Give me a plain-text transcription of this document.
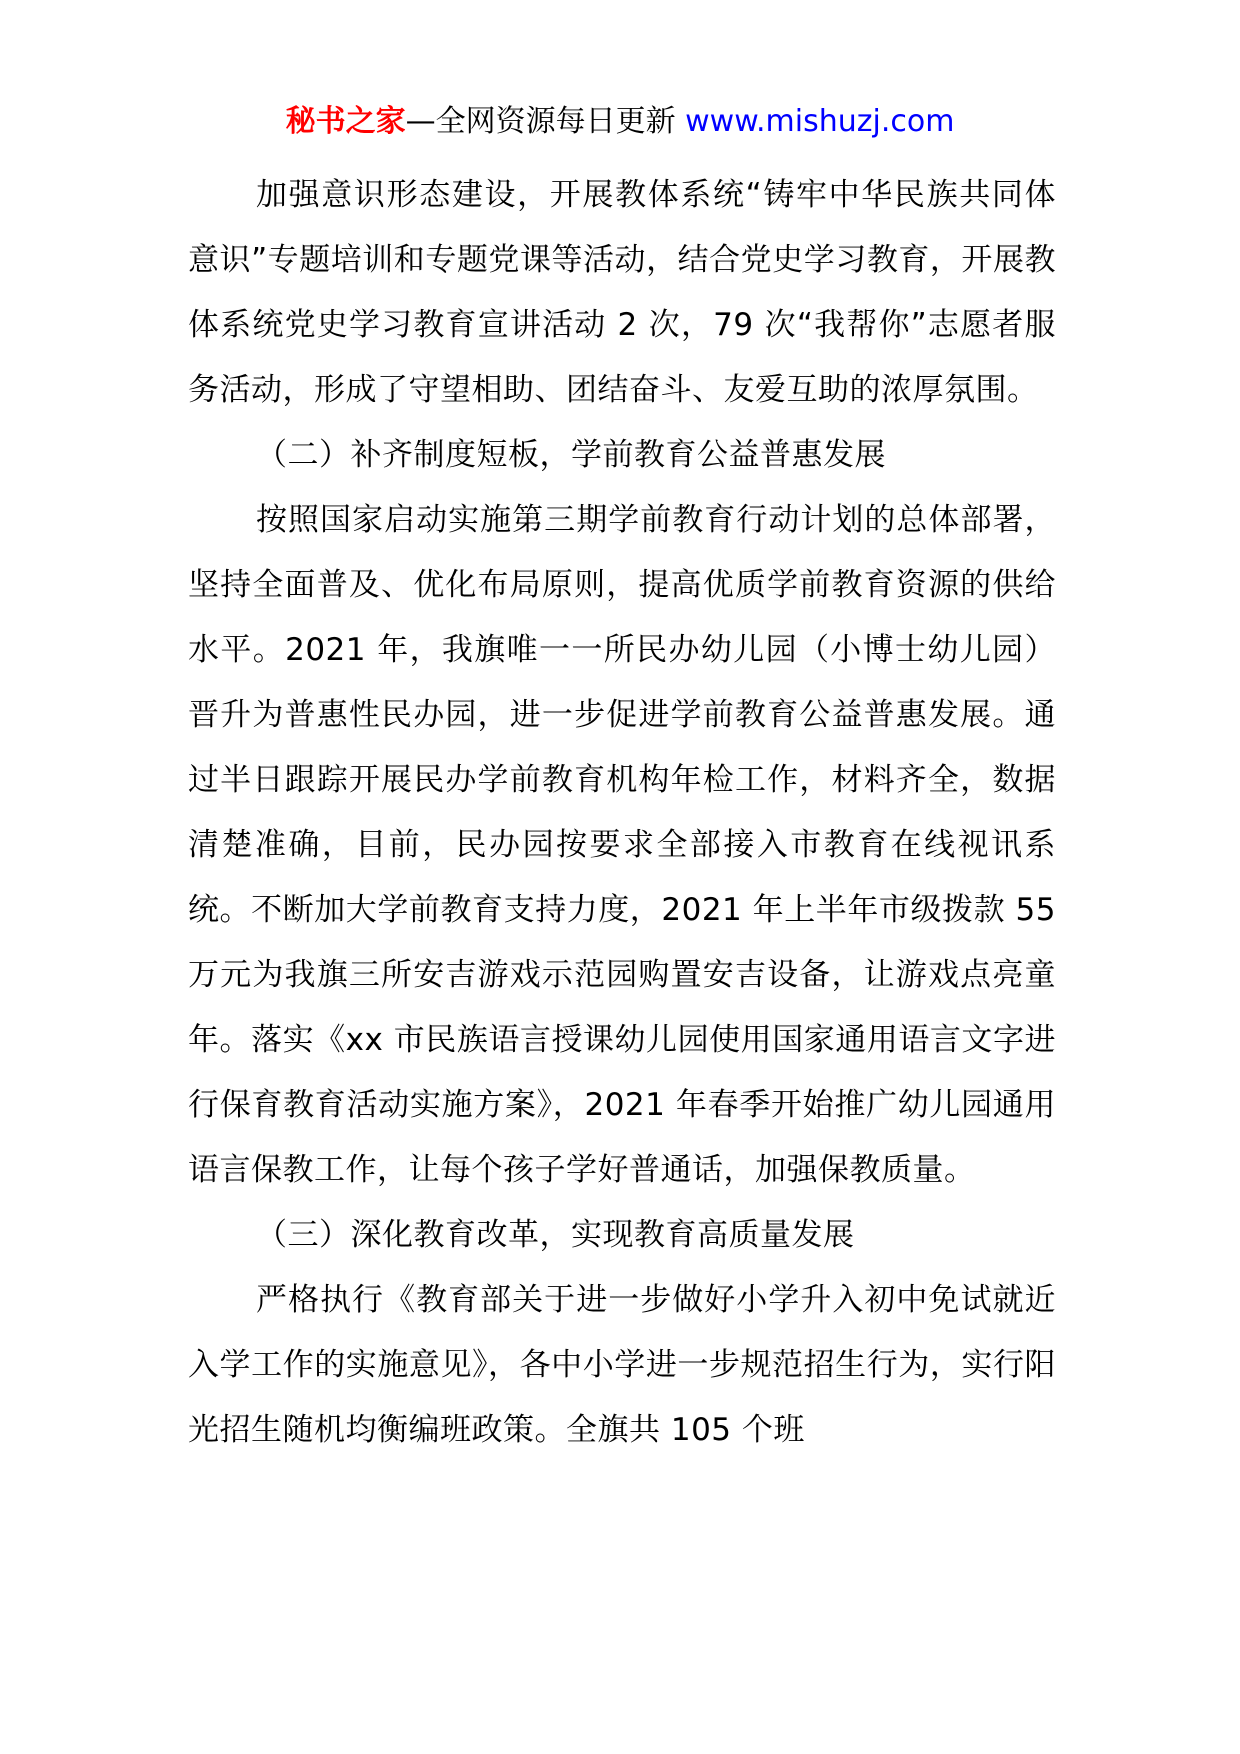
秘书之家—全网资源每日更新 www.mishuzj.com

加强意识形态建设，开展教体系统“铸牢中华民族共同体意识”专题培训和专题党课等活动，结合党史学习教育，开展教体系统党史学习教育宣讲活动 2 次，79 次“我帮你”志愿者服务活动，形成了守望相助、团结奋斗、友爱互助的浓厚氛围。

（二）补齐制度短板，学前教育公益普惠发展

按照国家启动实施第三期学前教育行动计划的总体部署，坚持全面普及、优化布局原则，提高优质学前教育资源的供给水平。2021 年，我旗唯一一所民办幼儿园（小博士幼儿园）晋升为普惠性民办园，进一步促进学前教育公益普惠发展。通过半日跟踪开展民办学前教育机构年检工作，材料齐全，数据清楚准确，目前，民办园按要求全部接入市教育在线视讯系统。不断加大学前教育支持力度，2021 年上半年市级拨款 55 万元为我旗三所安吉游戏示范园购置安吉设备，让游戏点亮童年。落实《xx 市民族语言授课幼儿园使用国家通用语言文字进行保育教育活动实施方案》，2021 年春季开始推广幼儿园通用语言保教工作，让每个孩子学好普通话，加强保教质量。

（三）深化教育改革，实现教育高质量发展

严格执行《教育部关于进一步做好小学升入初中免试就近入学工作的实施意见》，各中小学进一步规范招生行为，实行阳光招生随机均衡编班政策。全旗共 105 个班
